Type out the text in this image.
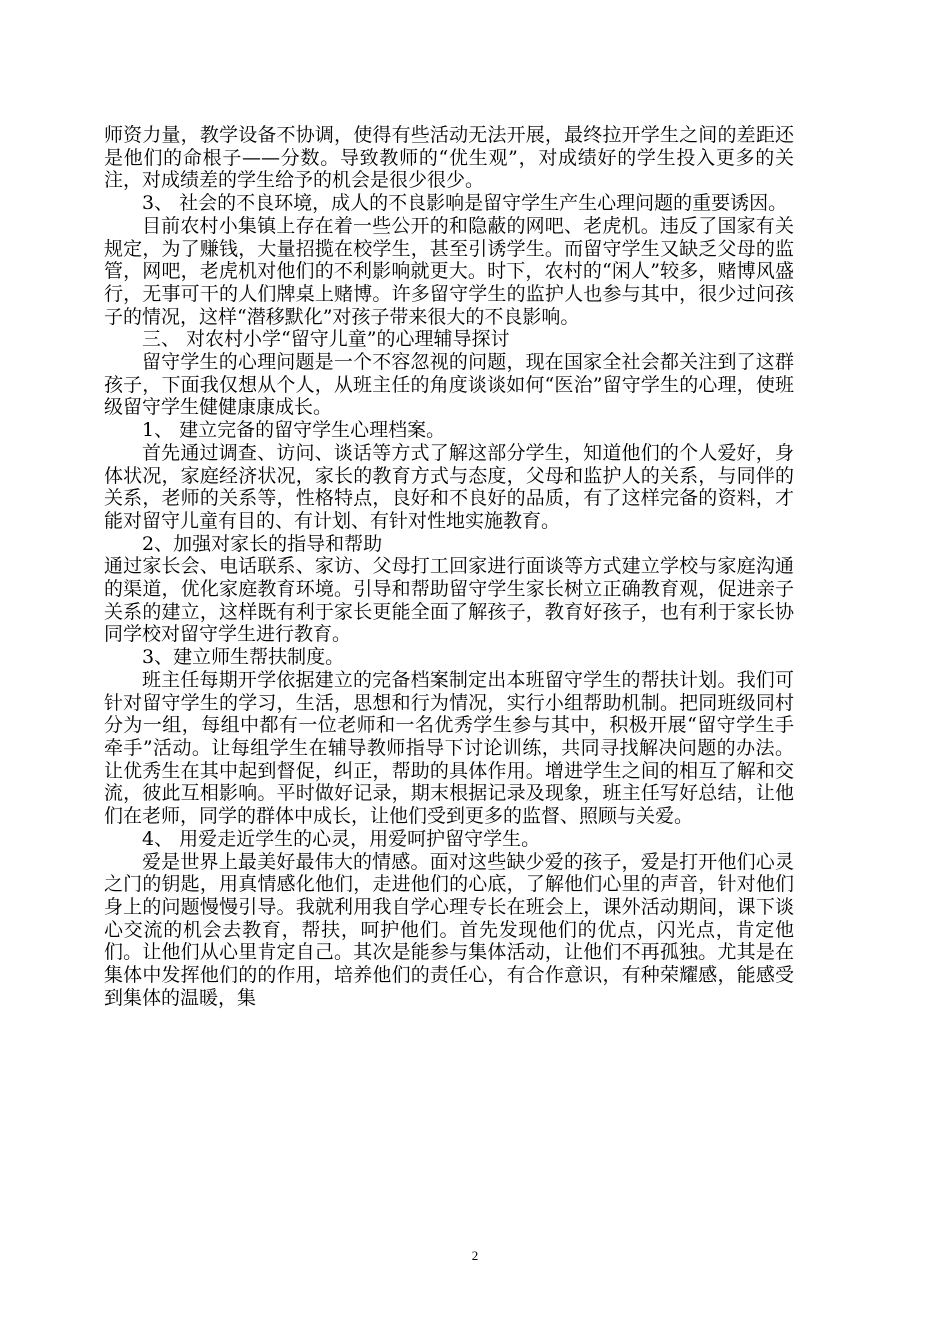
师资力量，教学设备不协调，使得有些活动无法开展，最终拉开学生之间的差距还是他们的命根子——分数。导致教师的“优生观”，对成绩好的学生投入更多的关注，对成绩差的学生给予的机会是很少很少。

3、 社会的不良环境，成人的不良影响是留守学生产生心理问题的重要诱因。

目前农村小集镇上存在着一些公开的和隐蔽的网吧、老虎机。违反了国家有关规定，为了赚钱，大量招揽在校学生，甚至引诱学生。而留守学生又缺乏父母的监管，网吧，老虎机对他们的不利影响就更大。时下，农村的“闲人”较多，赌博风盛行，无事可干的人们牌桌上赌博。许多留守学生的监护人也参与其中，很少过问孩子的情况，这样“潜移默化”对孩子带来很大的不良影响。

三、 对农村小学“留守儿童”的心理辅导探讨

留守学生的心理问题是一个不容忽视的问题，现在国家全社会都关注到了这群孩子，下面我仅想从个人，从班主任的角度谈谈如何“医治”留守学生的心理，使班级留守学生健健康康成长。

1、 建立完备的留守学生心理档案。

首先通过调查、访问、谈话等方式了解这部分学生，知道他们的个人爱好，身体状况，家庭经济状况，家长的教育方式与态度，父母和监护人的关系，与同伴的关系，老师的关系等，性格特点，良好和不良好的品质，有了这样完备的资料，才能对留守儿童有目的、有计划、有针对性地实施教育。

2、加强对家长的指导和帮助

通过家长会、电话联系、家访、父母打工回家进行面谈等方式建立学校与家庭沟通的渠道，优化家庭教育环境。引导和帮助留守学生家长树立正确教育观，促进亲子关系的建立，这样既有利于家长更能全面了解孩子，教育好孩子，也有利于家长协同学校对留守学生进行教育。

3、建立师生帮扶制度。

班主任每期开学依据建立的完备档案制定出本班留守学生的帮扶计划。我们可针对留守学生的学习，生活，思想和行为情况，实行小组帮助机制。把同班级同村分为一组，每组中都有一位老师和一名优秀学生参与其中，积极开展“留守学生手牵手”活动。让每组学生在辅导教师指导下讨论训练，共同寻找解决问题的办法。让优秀生在其中起到督促，纠正，帮助的具体作用。增进学生之间的相互了解和交流，彼此互相影响。平时做好记录，期末根据记录及现象，班主任写好总结，让他们在老师，同学的群体中成长，让他们受到更多的监督、照顾与关爱。

4、 用爱走近学生的心灵，用爱呵护留守学生。

爱是世界上最美好最伟大的情感。面对这些缺少爱的孩子，爱是打开他们心灵之门的钥匙，用真情感化他们，走进他们的心底，了解他们心里的声音，针对他们身上的问题慢慢引导。我就利用我自学心理专长在班会上，课外活动期间，课下谈心交流的机会去教育，帮扶，呵护他们。首先发现他们的优点，闪光点，肯定他们。让他们从心里肯定自己。其次是能参与集体活动，让他们不再孤独。尤其是在集体中发挥他们的的作用，培养他们的责任心，有合作意识，有种荣耀感，能感受到集体的温暖，集

2
